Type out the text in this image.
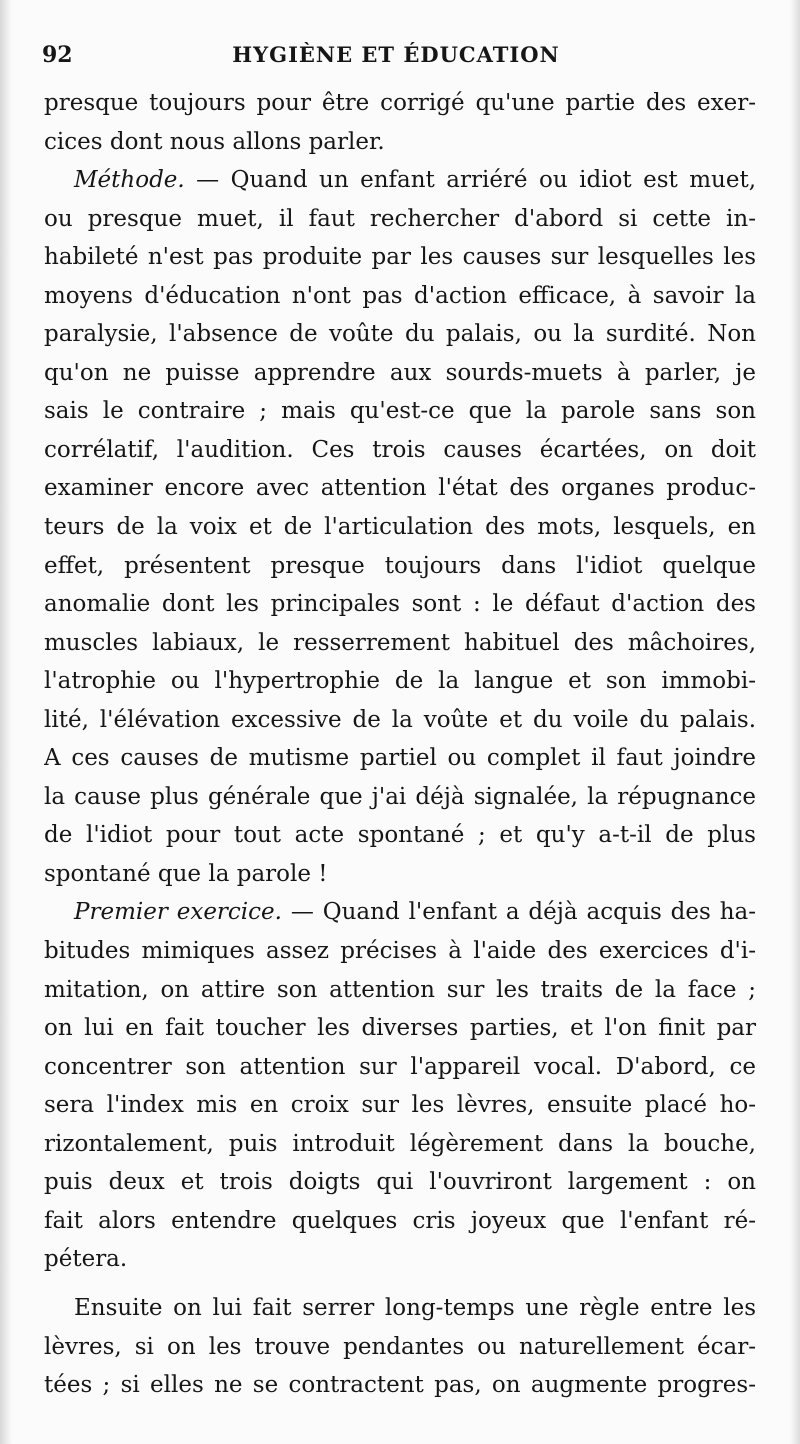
92	HYGIÈNE ET ÉDUCATION
presque toujours pour être corrigé qu'une partie des exer-
cices dont nous allons parler.
Méthode. — Quand un enfant arriéré ou idiot est muet,
ou presque muet, il faut rechercher d'abord si cette in-
habileté n'est pas produite par les causes sur lesquelles les
moyens d'éducation n'ont pas d'action efficace, à savoir la
paralysie, l'absence de voûte du palais, ou la surdité. Non
qu'on ne puisse apprendre aux sourds-muets à parler, je
sais le contraire ; mais qu'est-ce que la parole sans son
corrélatif, l'audition. Ces trois causes écartées, on doit
examiner encore avec attention l'état des organes produc-
teurs de la voix et de l'articulation des mots, lesquels, en
effet, présentent presque toujours dans l'idiot quelque
anomalie dont les principales sont : le défaut d'action des
muscles labiaux, le resserrement habituel des mâchoires,
l'atrophie ou l'hypertrophie de la langue et son immobi-
lité, l'élévation excessive de la voûte et du voile du palais.
A ces causes de mutisme partiel ou complet il faut joindre
la cause plus générale que j'ai déjà signalée, la répugnance
de l'idiot pour tout acte spontané ; et qu'y a-t-il de plus
spontané que la parole !
Premier exercice. — Quand l'enfant a déjà acquis des ha-
bitudes mimiques assez précises à l'aide des exercices d'i-
mitation, on attire son attention sur les traits de la face ;
on lui en fait toucher les diverses parties, et l'on finit par
concentrer son attention sur l'appareil vocal. D'abord, ce
sera l'index mis en croix sur les lèvres, ensuite placé ho-
rizontalement, puis introduit légèrement dans la bouche,
puis deux et trois doigts qui l'ouvriront largement : on
fait alors entendre quelques cris joyeux que l'enfant ré-
pétera.
Ensuite on lui fait serrer long-temps une règle entre les
lèvres, si on les trouve pendantes ou naturellement écar-
tées ; si elles ne se contractent pas, on augmente progres-
